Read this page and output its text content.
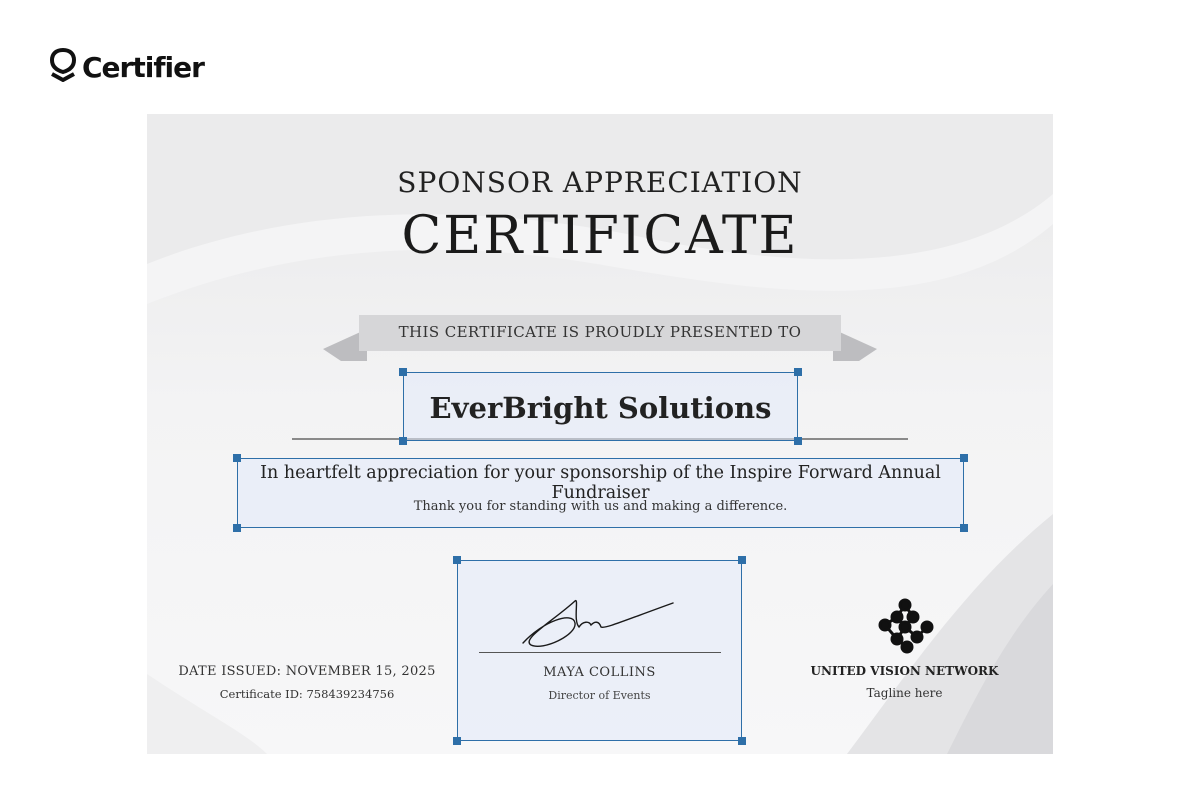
Certifier
SPONSOR APPRECIATION
CERTIFICATE
THIS CERTIFICATE IS PROUDLY PRESENTED TO
EverBright Solutions
In heartfelt appreciation for your sponsorship of the Inspire Forward Annual Fundraiser
Thank you for standing with us and making a difference.
MAYA COLLINS
Director of Events
DATE ISSUED: NOVEMBER 15, 2025
Certificate ID: 758439234756
UNITED VISION NETWORK
Tagline here
